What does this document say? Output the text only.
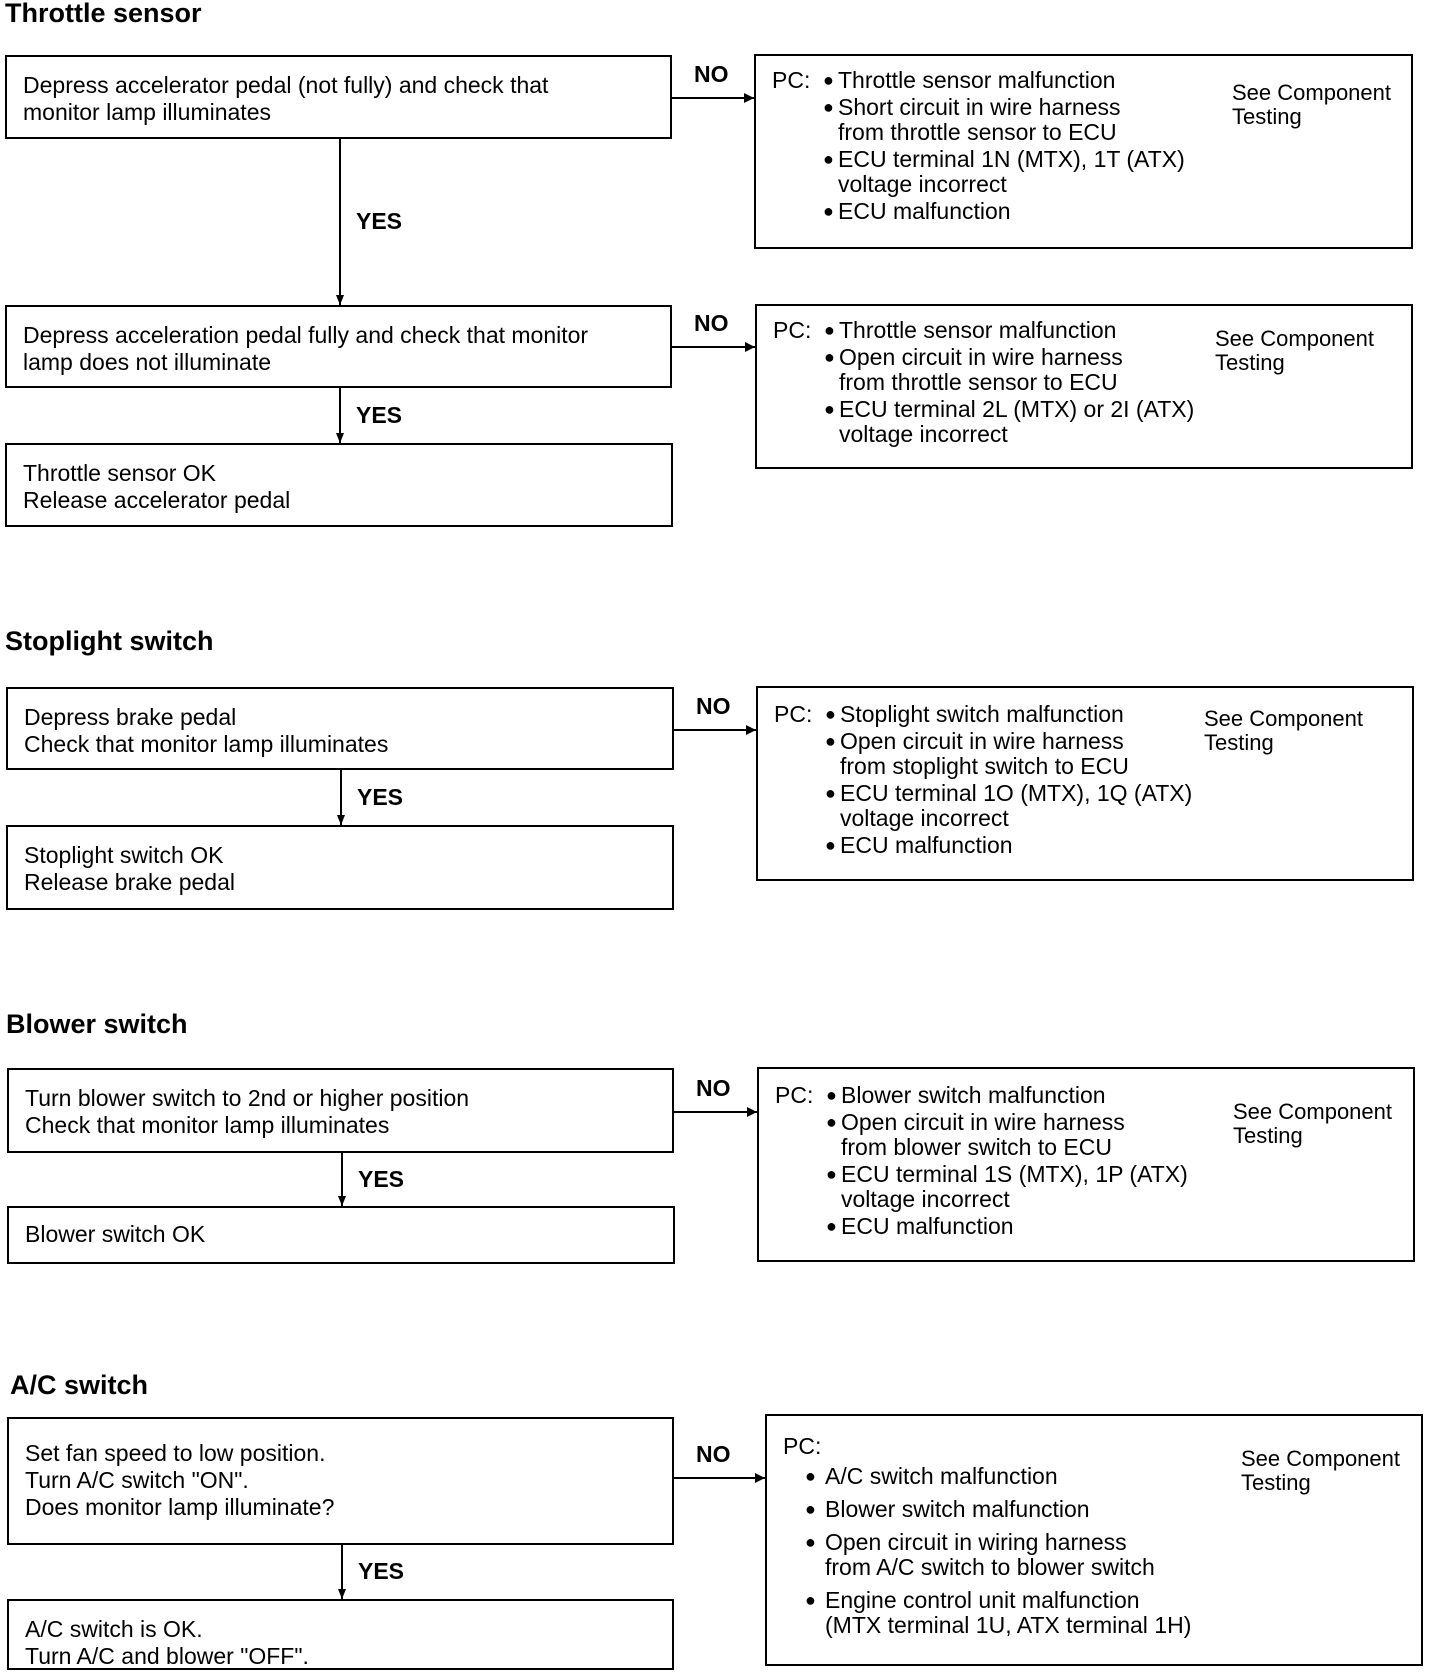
Throttle sensor
Depress accelerator pedal (not fully) and check that
monitor lamp illuminates
YES
Depress acceleration pedal fully and check that monitor
lamp does not illuminate
YES
Throttle sensor OK
Release accelerator pedal
NO PC: ● Throttle sensor malfunction
● Short circuit in wire harness
from throttle sensor to ECU
● ECU terminal 1N (MTX), 1T (ATX)
voltage incorrect
● ECU malfunction
See Component
Testing
NO PC: ● Throttle sensor malfunction
● Open circuit in wire harness
from throttle sensor to ECU
● ECU terminal 2L (MTX) or 2I (ATX)
voltage incorrect
See Component
Testing
Stoplight switch
Depress brake pedal
Check that monitor lamp illuminates
YES
Stoplight switch OK
Release brake pedal
NO PC: ● Stoplight switch malfunction
● Open circuit in wire harness
from stoplight switch to ECU
● ECU terminal 1O (MTX), 1Q (ATX)
voltage incorrect
● ECU malfunction
See Component
Testing
Blower switch
Turn blower switch to 2nd or higher position
Check that monitor lamp illuminates
YES
Blower switch OK
NO PC: ● Blower switch malfunction
● Open circuit in wire harness
from blower switch to ECU
● ECU terminal 1S (MTX), 1P (ATX)
voltage incorrect
● ECU malfunction
See Component
Testing
A/C switch
Set fan speed to low position.
Turn A/C switch "ON".
Does monitor lamp illuminate?
YES
A/C switch is OK.
Turn A/C and blower "OFF".
NO PC:
● A/C switch malfunction
● Blower switch malfunction
● Open circuit in wiring harness
from A/C switch to blower switch
● Engine control unit malfunction
(MTX terminal 1U, ATX terminal 1H)
See Component
Testing
